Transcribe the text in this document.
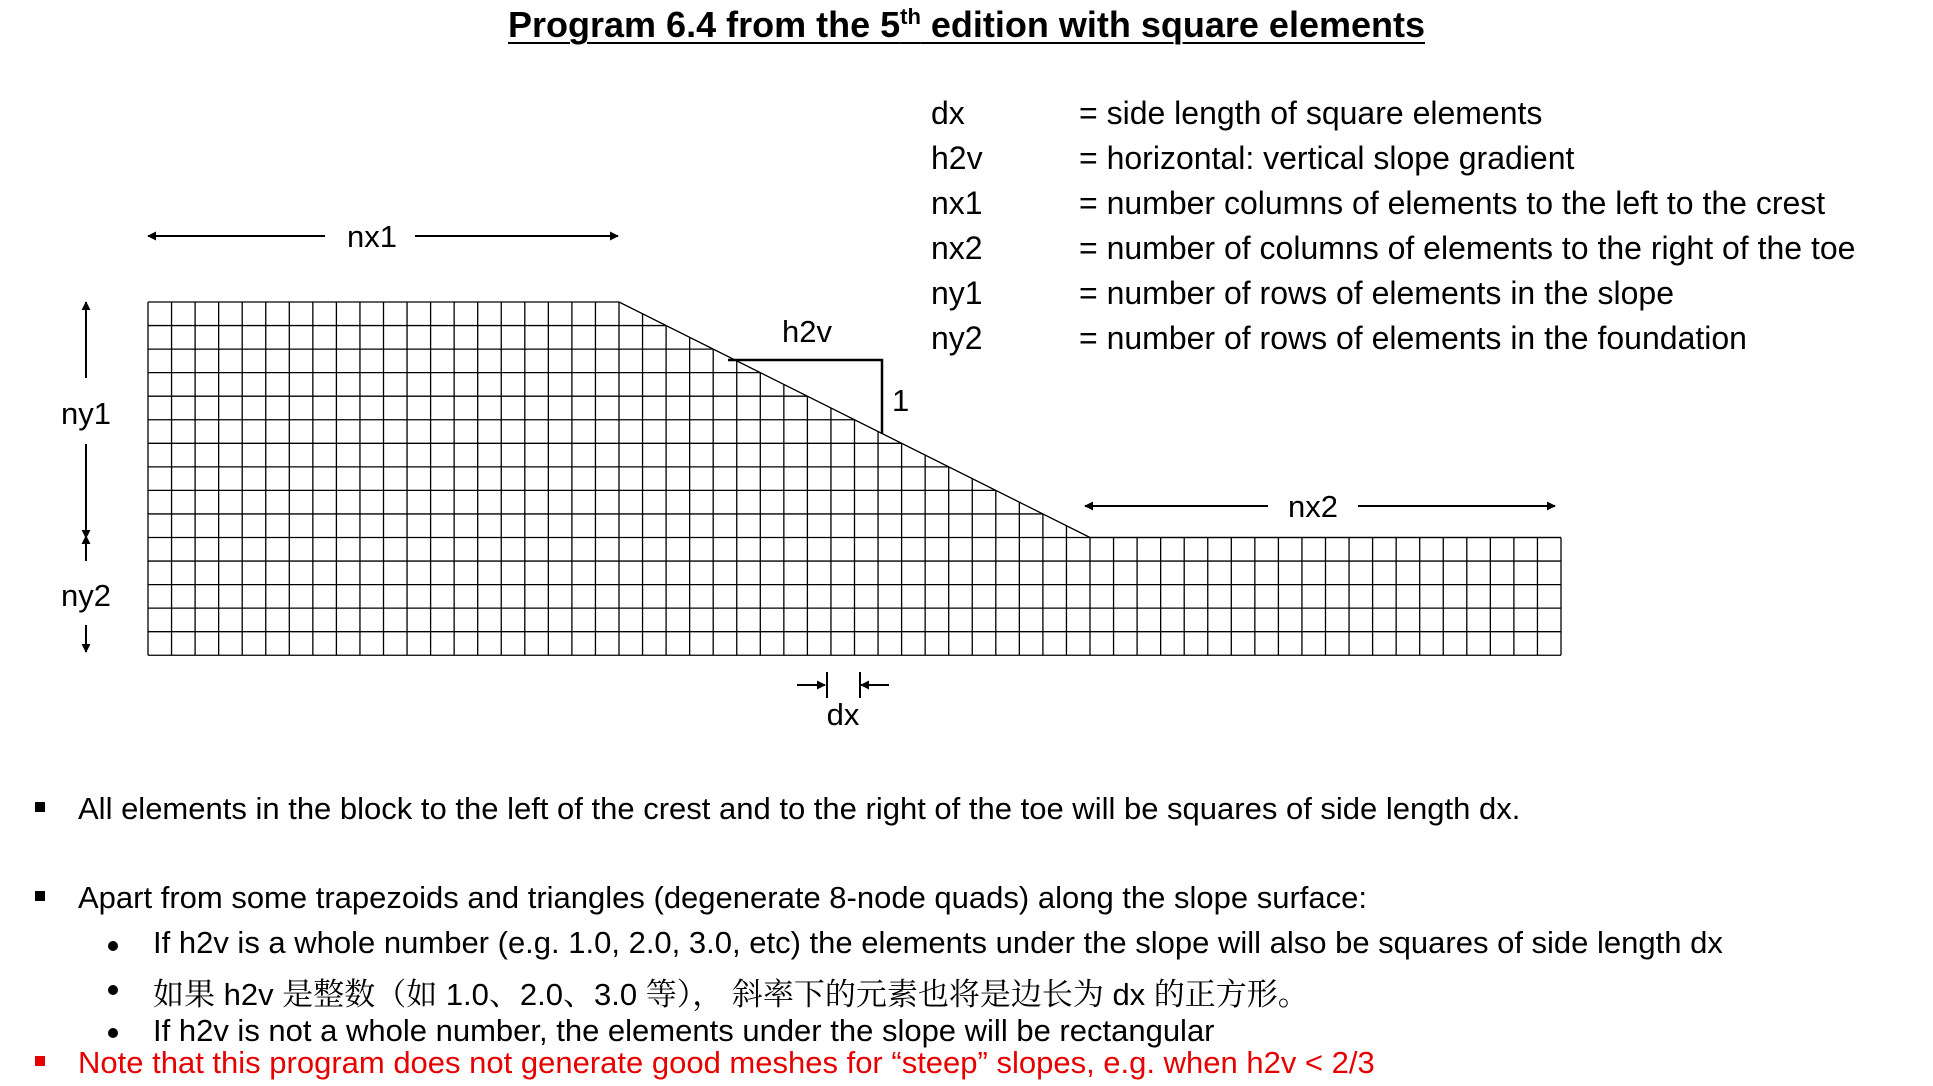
Program 6.4 from the 5th edition with square elements
nx1
nx2
ny1
ny2
h2v
1
dx
dx	= side length of square elements
h2v	= horizontal: vertical slope gradient
nx1	= number columns of elements to the left to the crest
nx2	= number of columns of elements to the right of the toe
ny1	= number of rows of elements in the slope
ny2	= number of rows of elements in the foundation
All elements in the block to the left of the crest and to the right of the toe will be squares of side length dx.
Apart from some trapezoids and triangles (degenerate 8-node quads) along the slope surface:
If h2v is a whole number (e.g. 1.0, 2.0, 3.0, etc) the elements under the slope will also be squares of side length dx
如果 h2v 是整数（如 1.0、2.0、3.0 等）， 斜率下的元素也将是边长为 dx 的正方形。
If h2v is not a whole number, the elements under the slope will be rectangular
Note that this program does not generate good meshes for “steep” slopes, e.g. when h2v < 2/3
